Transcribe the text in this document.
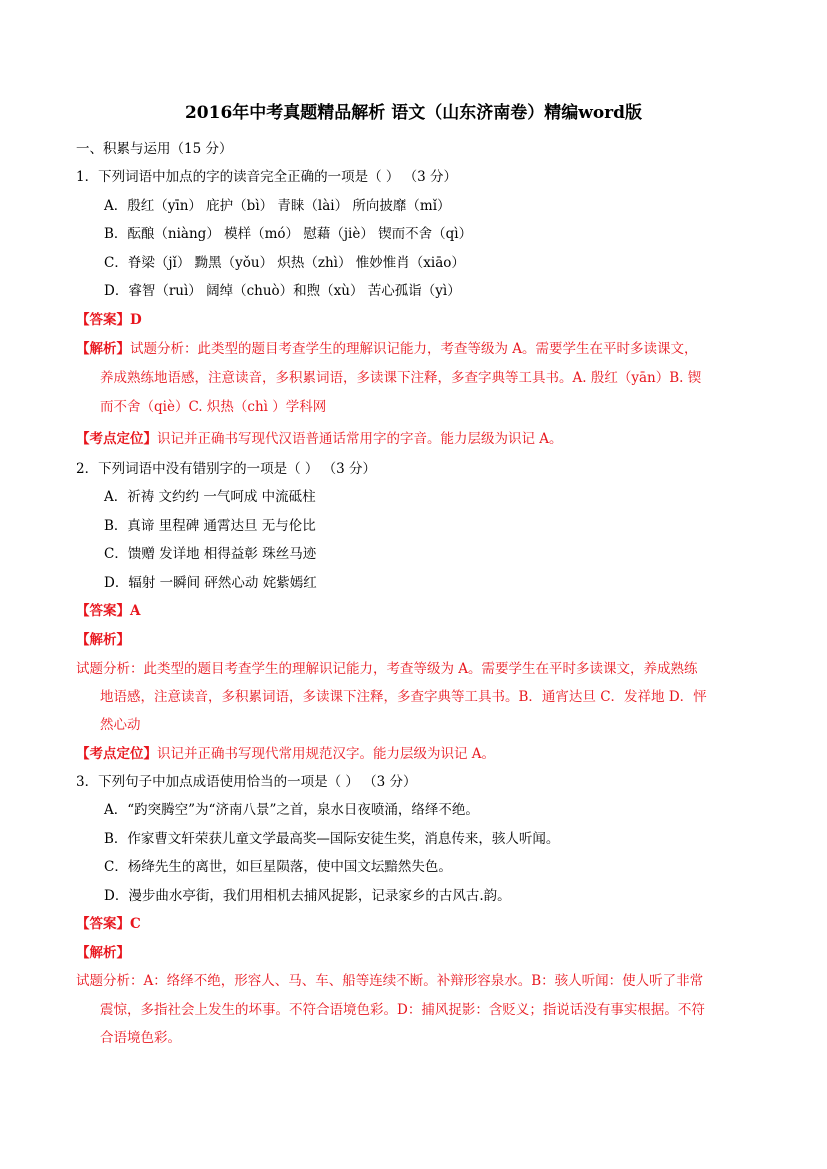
2016年中考真题精品解析 语文（山东济南卷）精编word版
一、积累与运用（15 分）
1．下列词语中加点的字的读音完全正确的一项是（ ） （3 分）
A．殷红（yīn） 庇护（bì） 青睐（lài） 所向披靡（mǐ）
B．酝酿（niàng） 模样（mó） 慰藉（jiè） 锲而不舍（qì）
C．脊梁（jǐ） 黝黑（yǒu） 炽热（zhì） 惟妙惟肖（xiāo）
D．睿智（ruì） 阔绰（chuò）和煦（xù） 苦心孤诣（yì）
【答案】D
【解析】试题分析：此类型的题目考查学生的理解识记能力，考查等级为 A。需要学生在平时多读课文，
养成熟练地语感，注意读音，多积累词语，多读课下注释，多查字典等工具书。A. 殷红（yān）B. 锲
而不舍（qiè）C. 炽热（chì ）学科网
【考点定位】识记并正确书写现代汉语普通话常用字的字音。能力层级为识记 A。
2．下列词语中没有错别字的一项是（ ） （3 分）
A．祈祷 文约约 一气呵成 中流砥柱
B．真谛 里程碑 通霄达旦 无与伦比
C．馈赠 发详地 相得益彰 珠丝马迹
D．辐射 一瞬间 砰然心动 姹紫嫣红
【答案】A
【解析】
试题分析：此类型的题目考查学生的理解识记能力，考查等级为 A。需要学生在平时多读课文，养成熟练
地语感，注意读音，多积累词语，多读课下注释，多查字典等工具书。B．通宵达旦 C．发祥地 D．怦
然心动
【考点定位】识记并正确书写现代常用规范汉字。能力层级为识记 A。
3．下列句子中加点成语使用恰当的一项是（ ） （3 分）
A．“趵突腾空”为“济南八景”之首，泉水日夜喷涌，络绎不绝。
B．作家曹文轩荣获儿童文学最高奖—国际安徒生奖，消息传来，骇人听闻。
C．杨绛先生的离世，如巨星陨落，使中国文坛黯然失色。
D．漫步曲水亭街，我们用相机去捕风捉影，记录家乡的古风古.韵。
【答案】C
【解析】
试题分析：A：络绎不绝，形容人、马、车、船等连续不断。补辩形容泉水。B：骇人听闻：使人听了非常
震惊，多指社会上发生的坏事。不符合语境色彩。D：捕风捉影：含贬义；指说话没有事实根据。不符
合语境色彩。
